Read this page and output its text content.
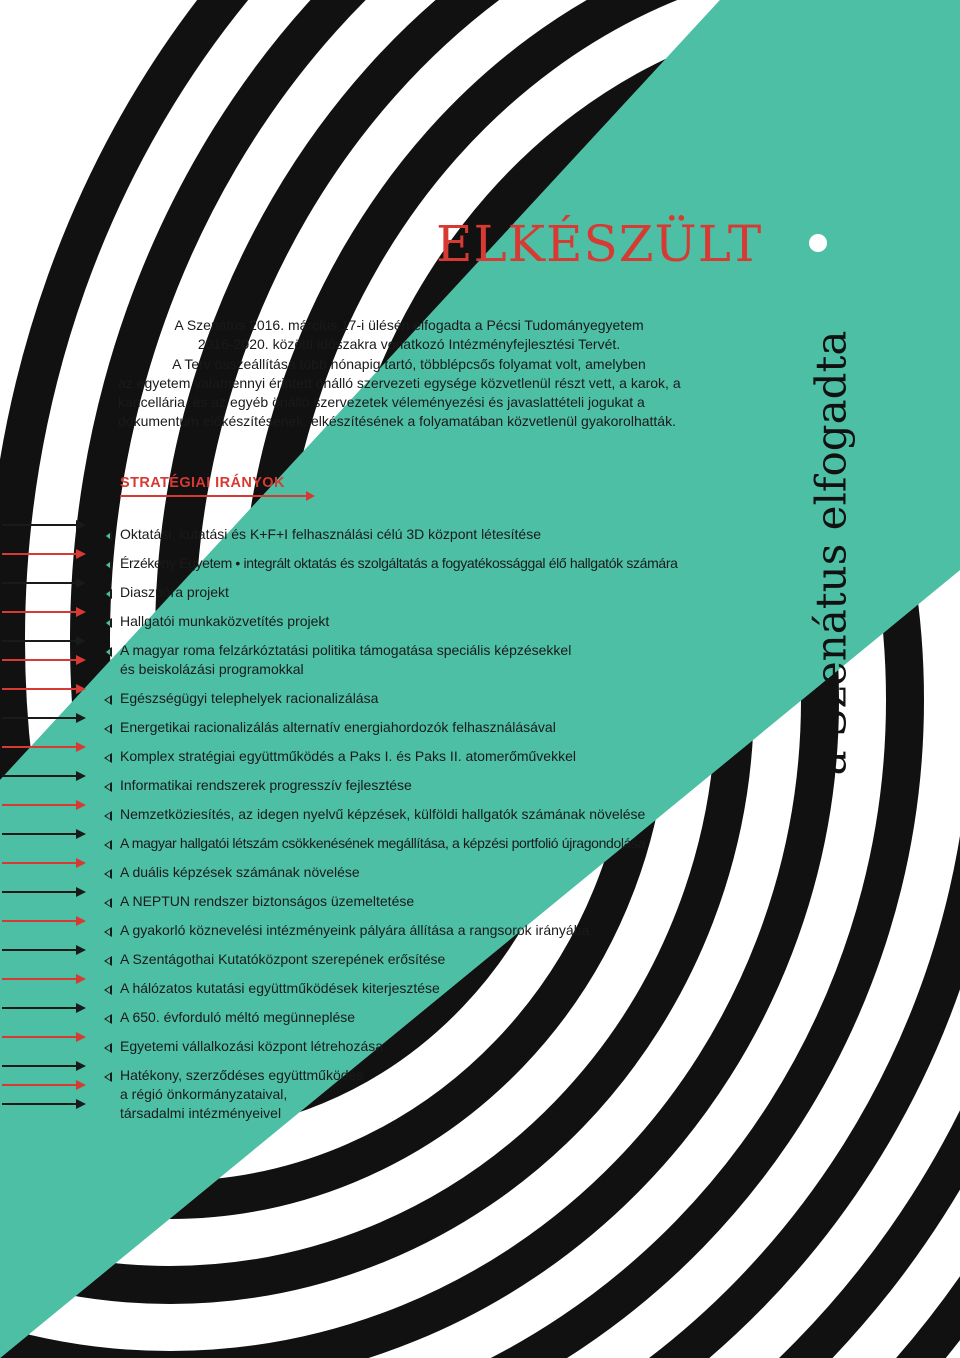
ELKÉSZÜLT
a Szenátus elfogadta

A Szenátus 2016. március 17-i ülésén elfogadta a Pécsi Tudományegyetem

2016-2020. közötti időszakra vonatkozó Intézményfejlesztési Tervét.

A Terv összeállítása több hónapig tartó, többlépcsős folyamat volt, amelyben

az egyetem valamennyi érintett önálló szervezeti egysége közvetlenül részt vett, a karok, a kancellária, és az egyéb önálló szervezetek véleményezési és javaslattételi jogukat a dokumentum előkészítésének, elkészítésének a folyamatában közvetlenül gyakorolhatták.

STRATÉGIAI IRÁNYOK
Oktatási, kutatási és K+F+I felhasználási célú 3D központ létesítése
Érzékeny Egyetem • integrált oktatás és szolgáltatás a fogyatékossággal élő hallgatók számára
Diaszpóra projekt
Hallgatói munkaközvetítés projekt
A magyar roma felzárkóztatási politika támogatása speciális képzésekkel
és beiskolázási programokkal
Egészségügyi telephelyek racionalizálása
Energetikai racionalizálás alternatív energiahordozók felhasználásával
Komplex stratégiai együttműködés a Paks I. és Paks II. atomerőművekkel
Informatikai rendszerek progresszív fejlesztése
Nemzetköziesítés, az idegen nyelvű képzések, külföldi hallgatók számának növelése
A magyar hallgatói létszám csökkenésének megállítása, a képzési portfolió újragondolása
A duális képzések számának növelése
A NEPTUN rendszer biztonságos üzemeltetése
A gyakorló köznevelési intézményeink pályára állítása a rangsorok irányába
A Szentágothai Kutatóközpont szerepének erősítése
A hálózatos kutatási együttműködések kiterjesztése
A 650. évforduló méltó megünneplése
Egyetemi vállalkozási központ létrehozása
Hatékony, szerződéses együttműködés
a régió önkormányzataival,
társadalmi intézményeivel
